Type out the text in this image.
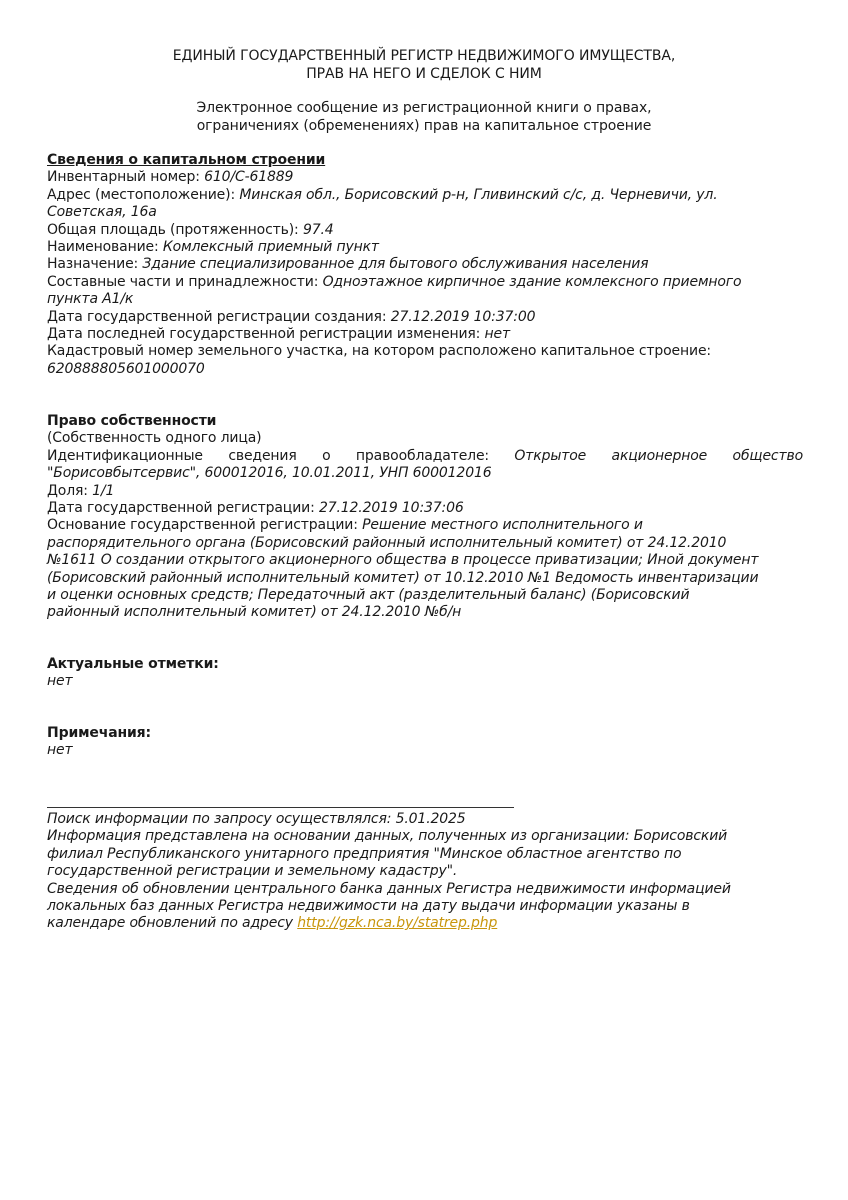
ЕДИНЫЙ ГОСУДАРСТВЕННЫЙ РЕГИСТР НЕДВИЖИМОГО ИМУЩЕСТВА,
ПРАВ НА НЕГО И СДЕЛОК С НИМ
Электронное сообщение из регистрационной книги о правах,
ограничениях (обременениях) прав на капитальное строение
Сведения о капитальном строении
Инвентарный номер: 610/C-61889
Адрес (местоположение): Минская обл., Борисовский р-н, Гливинский с/с, д. Черневичи, ул.
Советская, 16а
Общая площадь (протяженность): 97.4
Наименование: Комлексный приемный пункт
Назначение: Здание специализированное для бытового обслуживания населения
Составные части и принадлежности: Одноэтажное кирпичное здание комлексного приемного
пункта А1/к
Дата государственной регистрации создания: 27.12.2019 10:37:00
Дата последней государственной регистрации изменения: нет
Кадастровый номер земельного участка, на котором расположено капитальное строение:
620888805601000070
Право собственности
(Собственность одного лица)
Идентификационные сведения о правообладателе: Открытое акционерное общество
"Борисовбытсервис", 600012016, 10.01.2011, УНП 600012016
Доля: 1/1
Дата государственной регистрации: 27.12.2019 10:37:06
Основание государственной регистрации: Решение местного исполнительного и
распорядительного органа (Борисовский районный исполнительный комитет) от 24.12.2010
№1611 О создании открытого акционерного общества в процессе приватизации; Иной документ
(Борисовский районный исполнительный комитет) от 10.12.2010 №1 Ведомость инвентаризации
и оценки основных средств; Передаточный акт (разделительный баланс) (Борисовский
районный исполнительный комитет) от 24.12.2010 №б/н
Актуальные отметки:
нет
Примечания:
нет
Поиск информации по запросу осуществлялся: 5.01.2025
Информация представлена на основании данных, полученных из организации: Борисовский
филиал Республиканского унитарного предприятия "Минское областное агентство по
государственной регистрации и земельному кадастру".
Сведения об обновлении центрального банка данных Регистра недвижимости информацией
локальных баз данных Регистра недвижимости на дату выдачи информации указаны в
календаре обновлений по адресу http://gzk.nca.by/statrep.php
